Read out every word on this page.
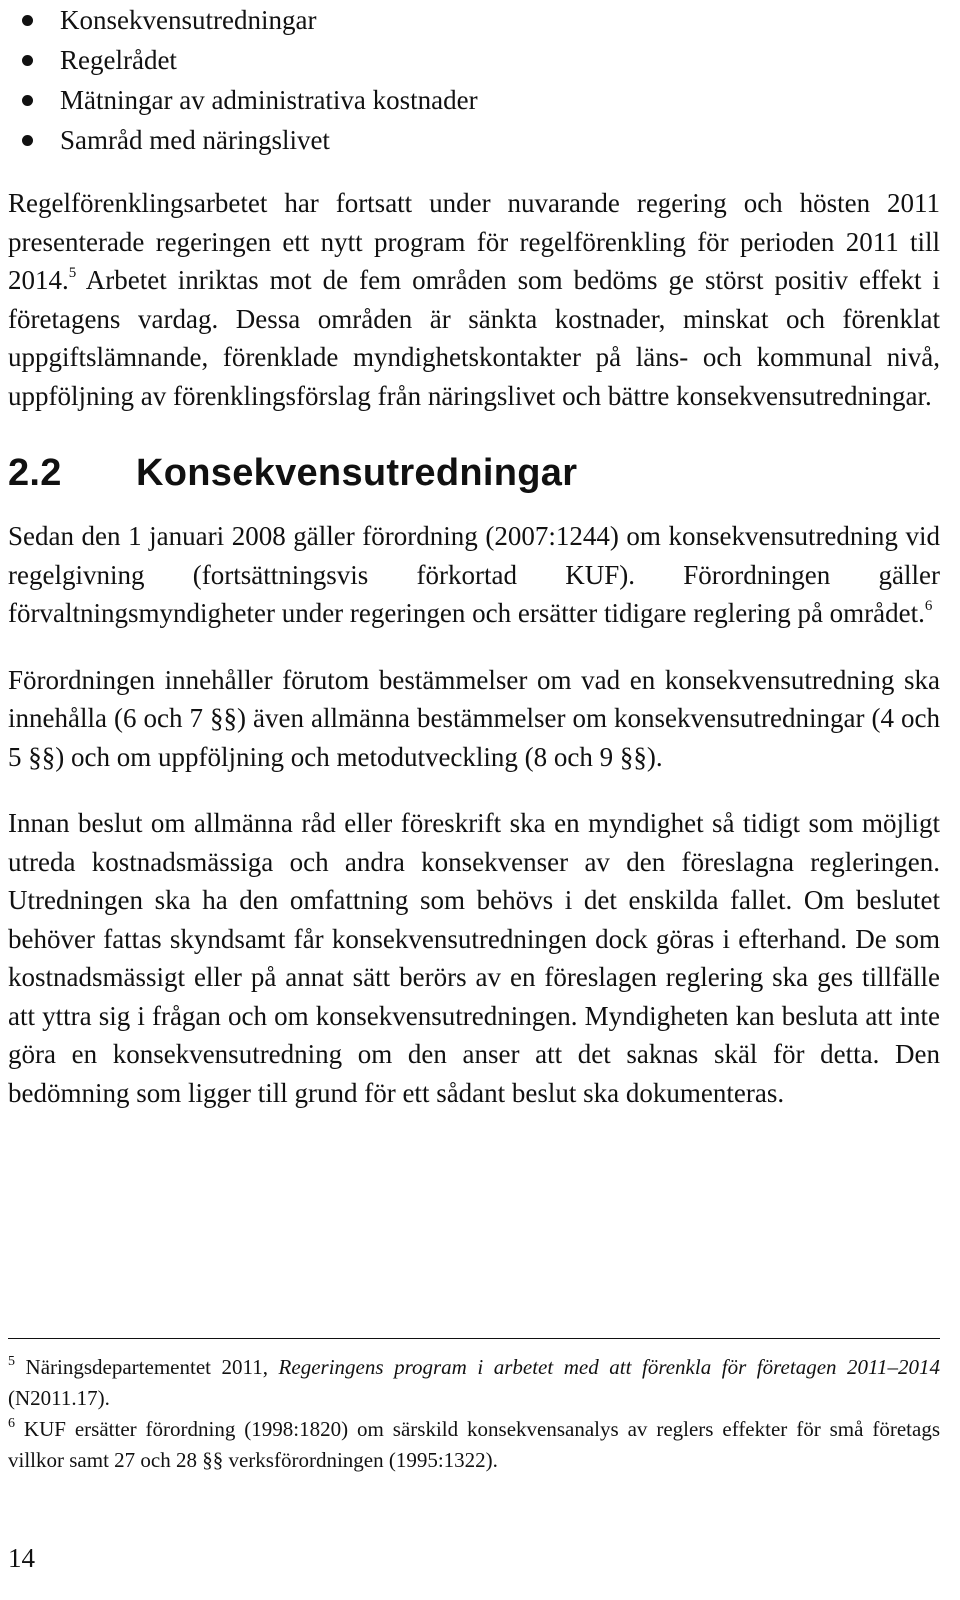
Konsekvensutredningar
Regelrådet
Mätningar av administrativa kostnader
Samråd med näringslivet

Regelförenklingsarbetet har fortsatt under nuvarande regering och hösten 2011 presenterade regeringen ett nytt program för regelförenkling för perioden 2011 till 2014.$^5$ Arbetet inriktas mot de fem områden som bedöms ge störst positiv effekt i företagens vardag. Dessa områden är sänkta kostnader, minskat och förenklat uppgiftslämnande, förenklade myndighetskontakter på läns- och kommunal nivå, uppföljning av förenklingsförslag från näringslivet och bättre konsekvensutredningar.

2.2 Konsekvensutredningar

Sedan den 1 januari 2008 gäller förordning (2007:1244) om konsekvensutredning vid regelgivning (fortsättningsvis förkortad KUF). Förordningen gäller förvaltningsmyndigheter under regeringen och ersätter tidigare reglering på området.$^6$

Förordningen innehåller förutom bestämmelser om vad en konsekvensutredning ska innehålla (6 och 7 §§) även allmänna bestämmelser om konsekvensutredningar (4 och 5 §§) och om uppföljning och metodutveckling (8 och 9 §§).

Innan beslut om allmänna råd eller föreskrift ska en myndighet så tidigt som möjligt utreda kostnadsmässiga och andra konsekvenser av den föreslagna regleringen. Utredningen ska ha den omfattning som behövs i det enskilda fallet. Om beslutet behöver fattas skyndsamt får konsekvensutredningen dock göras i efterhand. De som kostnadsmässigt eller på annat sätt berörs av en föreslagen reglering ska ges tillfälle att yttra sig i frågan och om konsekvensutredningen. Myndigheten kan besluta att inte göra en konsekvensutredning om den anser att det saknas skäl för detta. Den bedömning som ligger till grund för ett sådant beslut ska dokumenteras.

$^5$ Näringsdepartementet 2011, Regeringens program i arbetet med att förenkla för företagen 2011–2014 (N2011.17).

$^6$ KUF ersätter förordning (1998:1820) om särskild konsekvensanalys av reglers effekter för små företags villkor samt 27 och 28 §§ verksförordningen (1995:1322).

14
